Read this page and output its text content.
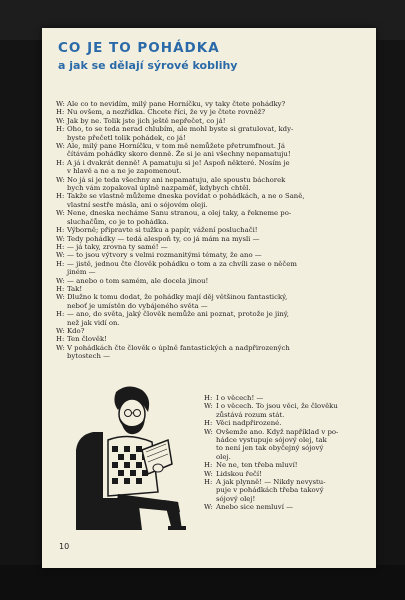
CO JE TO POHÁDKA
a jak se dělají sýrové koblihy
W: Ale co to nevidím, milý pane Horníčku, vy taky čtete pohádky?
H: Nu ovšem, a nezřídka. Chcete říci, že vy je čtete rovněž?
W: Jak by ne. Tolik jste jich ještě nepřečet, co já!
H: Oho, to se teda nerad chlubím, ale mohl byste si gratulovat, kdy-
byste přečetl tolik pohádek, co já!
W: Ale, milý pane Horníčku, v tom mě nemůžete přetrumfnout. Já
čítávám pohádky skoro denně. Že si je ani všechny nepamatuju!
H: A já i dvakrát denně! A pamatuju si je! Aspoň některé. Nosím je
v hlavě a ne a ne je zapomenout.
W: No já si je teda všechny ani nepamatuju, ale spoustu báchorek
bych vám zopakoval úplně nazpaměť, kdybych chtěl.
H: Takže se vlastně můžeme dneska povídat o pohádkách, a ne o Saně,
vlastní sestře másla, ani o sójovém oleji.
W: Nene, dneska necháme Sanu stranou, a olej taky, a řekneme po-
sluchačům, co je to pohádka.
H: Výborně; připravte si tužku a papír, vážení posluchači!
W: Tedy pohádky — tedá alespoň ty, co já mám na mysli —
H: — já taky, zrovna ty samé! —
W: — to jsou výtvory s velmi rozmanitými tématy, že ano —
H: — jistě, jednou čte člověk pohádku o tom a za chvíli zase o něčem
jiném —
W: — anebo o tom samém, ale docela jinou!
H: Tak!
W: Dlužno k tomu dodat, že pohádky mají děj většinou fantastický,
neboť je umístěn do vybájeného světa —
H: — ano, do světa, jaký člověk nemůže ani poznat, protože je jiný,
než jak vidí on.
W: Kdo?
H: Ten člověk!
W: V pohádkách čte člověk o úplně fantastických a nadpřirozených
bytostech —
H: I o věcech! —
W: I o věcech. To jsou věci, že člověku
zůstává rozum stát.
H: Věci nadpřirozené.
W: Ovšemže ano. Když například v po-
hádce vystupuje sójový olej, tak
to není jen tak obyčejný sójový
olej.
H: Ne ne, ten třeba mluví!
W: Lidskou řečí!
H: A jak plynně! — Nikdy nevystu-
puje v pohádkách třeba takový
sójový olej!
W: Anebo sice nemluví —
10
